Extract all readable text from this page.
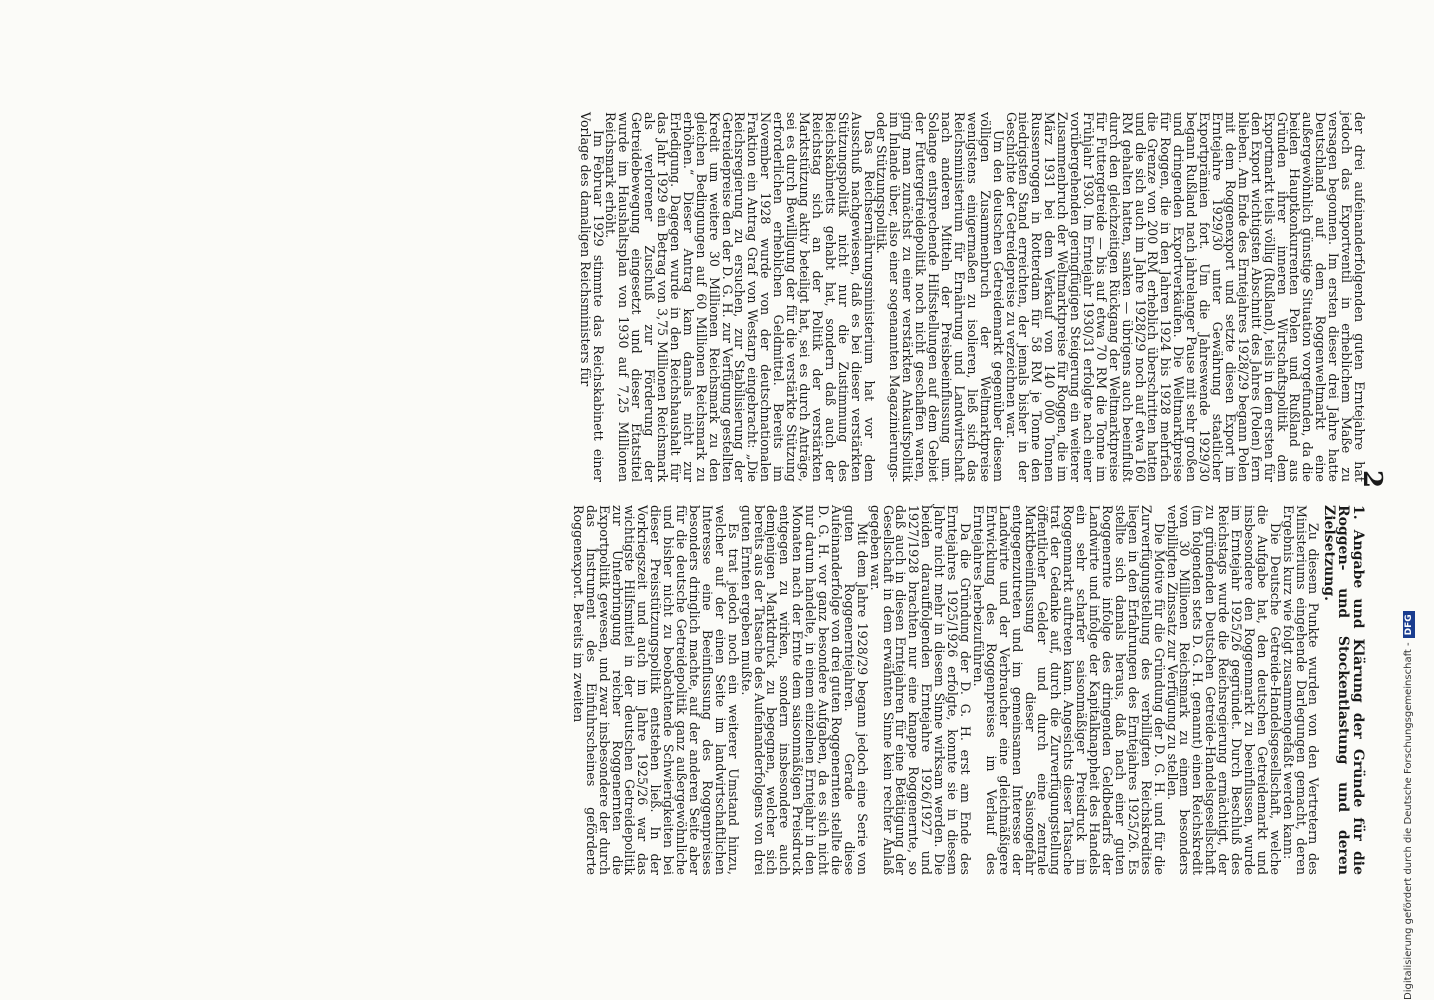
2
1. Angabe und Klärung der Gründe für die Roggen- und Stockentlastung und deren Zielsetzung.

Zu diesem Punkte wurden von den Vertretern des Ministeriums eingehende Darlegungen gemacht, deren Ergebnis kurz wie folgt zusammengefaßt werden kann:

Die Deutsche Getreide-Handelsgesellschaft, welche die Aufgabe hat, den deutschen Getreidemarkt und insbesondere den Roggenmarkt zu beeinflussen, wurde im Erntejahr 1925/26 gegründet. Durch Beschluß des Reichstags wurde die Reichsregierung ermächtigt, der zu gründenden Deutschen Getreide-Handelsgesellschaft (im folgenden stets D. G. H. genannt) einen Reichskredit von 30 Millionen Reichsmark zu einem besonders verbilligten Zinssatz zur Verfügung zu stellen.

Die Motive für die Gründung der D. G. H. und für die Zurverfügungstellung des verbilligten Reichskredites liegen in den Erfahrungen des Erntejahres 1925/26. Es stellte sich damals heraus, daß nach einer guten Roggenernte infolge des dringenden Geldbedarfs der Landwirte und infolge der Kapitalknappheit des Handels ein sehr scharfer saisonmäßiger Preisdruck im Roggenmarkt auftreten kann. Angesichts dieser Tatsache trat der Gedanke auf, durch die Zurverfügungstellung öffentlicher Gelder und durch eine zentrale Marktbeeinflussung dieser Saisongefahr entgegenzutreten und im gemeinsamen Interesse der Landwirte und der Verbraucher eine gleichmäßigere Entwicklung des Roggenpreises im Verlauf des Erntejahres herbeizuführen.

Da die Gründung der D. G. H. erst am Ende des Erntejahres 1925/1926 erfolgte, konnte sie in diesem Jahre nicht mehr in diesem Sinne wirksam werden. Die beiden darauffolgenden Erntejahre 1926/1927 und 1927/1928 brachten nur eine knappe Roggenernte, so daß auch in diesen Erntejahren für eine Betätigung der Gesellschaft in dem erwähnten Sinne kein rechter Anlaß gegeben war.

Mit dem Jahre 1928/29 begann jedoch eine Serie von guten Roggenerntejahren. Gerade diese Aufeinanderfolge von drei guten Roggenernten stellte die D. G. H. vor ganz besondere Aufgaben, da es sich nicht nur darum handelte, in einem einzelnen Erntejahr in den Monaten nach der Ernte dem saisonmäßigen Preisdruck entgegen zu wirken, sondern insbesondere auch demjenigen Marktdruck zu begegnen, welcher sich bereits aus der Tatsache des Aufeinanderfolgens von drei guten Ernten ergeben mußte.

Es trat jedoch noch ein weiterer Umstand hinzu, welcher auf der einen Seite im landwirtschaftlichen Interesse eine Beeinflussung des Roggenpreises besonders dringlich machte, auf der anderen Seite aber für die deutsche Getreidepolitik ganz außergewöhnliche und bisher nicht zu beobachtende Schwierigkeiten bei dieser Preisstützungspolitik entstehen ließ. In der Vorkriegszeit und auch im Jahre 1925/26 war das wichtigste Hilfsmittel in der deutschen Getreidepolitik zur Unterbringung reicher Roggenernten die Exportpolitik gewesen, und zwar insbesondere der durch das Instrument des Einfuhrscheines geförderte Roggenexport. Bereits im zweiten

der drei aufeinanderfolgenden guten Erntejahre hat jedoch das Exportventil in erheblichem Maße zu versagen begonnen. Im ersten dieser drei Jahre hatte Deutschland auf dem Roggenweltmarkt eine außergewöhnlich günstige Situation vorgefunden, da die beiden Hauptkonkurrenten Polen und Rußland aus Gründen ihrer inneren Wirtschaftspolitik dem Exportmarkt teils völlig (Rußland), teils in dem ersten für den Export wichtigsten Abschnitt des Jahres (Polen) fern blieben. Am Ende des Erntejahres 1928/29 begann Polen mit dem Roggenexport und setzte diesen Export im Erntejahre 1929/30 unter Gewährung staatlicher Exportprämien fort. Um die Jahreswende 1929/30 begann Rußland nach jahrelanger Pause mit sehr großen und dringenden Exportverkäufen. Die Weltmarktpreise für Roggen, die in den Jahren 1924 bis 1928 mehrfach die Grenze von 200 RM erheblich überschritten hatten und die sich auch im Jahre 1928/29 noch auf etwa 160 RM gehalten hatten, sanken — übrigens auch beeinflußt durch den gleichzeitigen Rückgang der Weltmarktpreise für Futtergetreide — bis auf etwa 70 RM die Tonne im Frühjahr 1930. Im Erntejahr 1930/31 erfolgte nach einer vorübergehenden geringfügigen Steigerung ein weiterer Zusammenbruch der Weltmarktpreise für Roggen, die im März 1931 bei dem Verkauf von 140 000 Tonnen Russenroggen in Rotterdam für 58 RM je Tonne den niedrigsten Stand erreichten, der jemals bisher in der Geschichte der Getreidepreise zu verzeichnen war.

Um den deutschen Getreidemarkt gegenüber diesem völligen Zusammenbruch der Weltmarktpreise wenigstens einigermaßen zu isolieren, ließ sich das Reichsministerium für Ernährung und Landwirtschaft nach anderen Mitteln der Preisbeeinflussung um. Solange entsprechende Hilfsstellungen auf dem Gebiet der Futtergetreidepolitik noch nicht geschaffen waren, ging man zunächst zu einer verstärkten Ankaufspolitik im Inlande über, also einer sogenannten Magazinierungs- oder Stützungspolitik.

Das Reichsernährungsministerium hat vor dem Ausschuß nachgewiesen, daß es bei dieser verstärkten Stützungspolitik nicht nur die Zustimmung des Reichskabinetts gehabt hat, sondern daß auch der Reichstag sich an der Politik der verstärkten Marktstützung aktiv beteiligt hat, sei es durch Anträge, sei es durch Bewilligung der für die verstärkte Stützung erforderlichen erheblichen Geldmittel. Bereits im November 1928 wurde von der deutschnationalen Fraktion ein Antrag Graf von Westarp eingebracht: „Die Reichsregierung zu ersuchen, zur Stabilisierung der Getreidepreise den der D. G. H. zur Verfügung gestellten Kredit um weitere 30 Millionen Reichsmark zu den gleichen Bedingungen auf 60 Millionen Reichsmark zu erhöhen.“ Dieser Antrag kam damals nicht zur Erledigung. Dagegen wurde in den Reichshaushalt für das Jahr 1929 ein Betrag von 3,75 Millionen Reichsmark als verlorener Zuschuß zur Förderung der Getreidebewegung eingesetzt und dieser Etatstitel wurde im Haushaltsplan von 1930 auf 7,25 Millionen Reichsmark erhöht.

Im Februar 1929 stimmte das Reichskabinett einer Vorlage des damaligen Reichsministers für

Digitalisierung gefördert durch die Deutsche Forschungsgemeinschaft -DFG
